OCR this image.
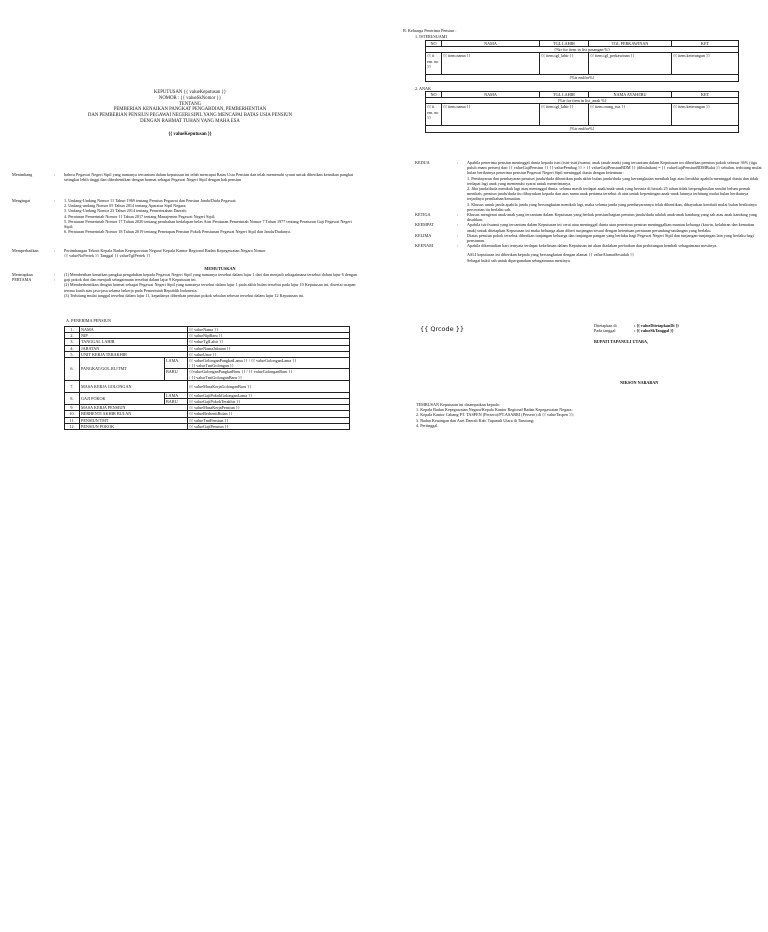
KEPUTUSAN {{ valueKeputusan }}
NOMOR : {{ valueSkNomor }}
TENTANG
PEMBERIAN KENAIKAN PANGKAT PENGABDIAN, PEMBERHENTIAN
DAN PEMBERIAN PENSIUN PEGAWAI NEGERI SIPIL YANG MENCAPAI BATAS USIA PENSIUN
DENGAN RAHMAT TUHAN YANG MAHA ESA
{{ valueKeputusan }}
Menimbang	:	bahwa Pegawai Negeri Sipil yang namanya tercantum dalam keputusan ini telah mencapai Batas Usia Pensiun dan telah memenuhi syarat untuk diberikan kenaikan pangkat setingkat lebih tinggi dan diberhentikan dengan hormat sebagai Pegawai Negeri Sipil dengan hak pensiun
Mengingat	:	1. Undang-Undang Nomor 11 Tahun 1969 tentang Pensiun Pegawai dan Pensiun Janda/Duda Pegawai;
2. Undang-undang Nomor 05 Tahun 2014 tentang Aparatur Sipil Negara;
3. Undang-Undang Nomor 23 Tahun 2014 tentang Pemerintahan Daerah;
4. Peraturan Pemerintah Nomor 11 Tahun 2017 tentang Manajemen Pegawai Negeri Sipil;
5. Peraturan Pemerintah Nomor 17 Tahun 2020 tentang perubahan kedalapan belas Atas Peraturan Pemerintah Nomor 7 Tahun 1977 tentang Peraturan Gaji Pegawai Negeri Sipil;
6. Peraturan Pemerintah Nomor 18 Tahun 2019 tentang Penetapan Pensiun Pokok Pensiunan Pegawai Negeri Sipil dan Janda/Dudanya.
Memperhatikan	:	Pertimbangan Teknis Kepala Badan Kepegawaian Negara/ Kepala Kantor Regional Badan Kepegawaian Negara Nomor
{{ valueNoPertek }} Tanggal {{ valueTglPertek }}
MEMUTUSKAN
Menetapkan
PERTAMA
:
:
(1) Memberikan kenaikan pangkat pengabdian kepada Pegawai Negeri Sipil yang namanya tersebut dalam lajur 1 dari dan menjadi sebagaimana tersebut dalam lajur 6 dengan gaji pokok dari dan menjadi sebagaimana tersebut dalam lajur 9 Keputusan ini.
(2) Memberhentikan dengan hormat sebagai Pegawai Negeri Sipil yang namanya tersebut dalam lajur 1 pada akhir bulan tersebut pada lajur 10 Keputusan ini, disertai ucapan terima kasih atas jasa-jasa selama bekerja pada Pemerintah Republik Indonesia.
(3) Terhitung mulai tanggal tersebut dalam lajur 11, kepadanya diberikan pensiun pokok sebulan sebesar tersebut dalam lajur 12 Keputusan ini.
A. PENERIMA PENSIUN
1.	NAMA		{{ valueNama }}
2.	NIP		{{ valueNipBaru }}
3.	TANGGAL LAHIR		{{ valueTglLahir }}
4.	JABATAN		{{ valueNamaJabatan }}
5.	UNIT KERJA TERAKHIR		{{ valueUnor }}
6.	PANGKAT/GOL.RU/TMT	LAMA	{{ valueGolonganPangkatLama }} / {{ valueGolonganLama }}
/ {{ valueTmtGolongan }}

		BARU	{{valueGolonganPangkatBaru }} / {{ valueGolonganBaru }}
/ {{ valueTmtGolonganBaru }}

7.	MASA KERJA GOLONGAN		{{ valueMasaKerjaGolonganBaru }}
8.	GAJI POKOK	LAMA	{{ valueGajiPokokGolonganLama }}
		BARU	{{ valueGajiPokokTerakhir }}
9.	MASA KERJA PENSIUN		{{ valueMasaKerjaPensiun }}
10.	BERHENTI AKHIR BULAN		{{ valueBerhentiBulan }}
11.	PENSIUN TMT		{{ valueTmtPensiun }}
12.	PENSIUN POKOK		{{ valueGajiPensiun }}
B. Keluarga Penerima Pensiun :
1. ISTERI/SUAMI
NO	NAMA	TGL LAHIR	TGL PERKAWINAN	KET
{%tr for item in list pasangan %}				
{{ it em. no }}	{{ item.nama }}	{{ item.tgl_lahir }}	{{ item.tgl_perkawinan }}	{{ item.keterangan }}
{%tr endfor%}				
2. ANAK
NO	NAMA	TGL LAHIR	NAMA AYAH/IBU	KET
{%tr for item in list_anak %}				
{{ it em. no }}	{{ item.nama }}	{{ item.tgl_lahir }}	{{ item.orang_tua }}	{{ item.keterangan }}
{%tr endfor%}				
KEDUA	:	Apabila penerima pensiun meninggal dunia kepada istri (istri-istri)/suami, anak (anak-anak) yang tercantum dalam Keputusan ini diberikan pensiun pokok sebesar 36% (tiga puluh enam persen) dari {{ valueGajiPensiun }} {{ valuePembag }} × {{ valueGajiPensiunBDM }} (dibulatkan) = {{ valueGajiPensiunBDMBulat }} sebulan, terhitung mulai bulan berikutnya penerima pensiun Pegawai Negeri Sipil meninggal dunia dengan ketentuan :
1. Pembayaran dan pembayaran pensiun janda/duda dihentikan pada akhir bulan janda/duda yang bersangkutan menikah lagi atau berakhir apabila meninggal dunia dan tidak terdapat lagi anak yang memenuhi syarat untuk menerimanya.
2. Jika janda/duda menikah lagi atau meninggal dunia, selama masih terdapat anak/anak-anak yang berusia di bawah 25 tahun tidak berpenghasilan sendiri belum pernah menikah, pensiun janda/duda itu dibayarkan kepada dan atas nama anak pertama tersebut di atas untuk kepentingan anak-anak lainnya terhitung mulai bulan berikutnya terjadinya pernikahan/kematian.
3. Khusus untuk janda apabila janda yang bersangkutan menikah lagi, maka selama janda yang pembayarannya telah dihentikan, dibayarkan kembali mulai bulan berikutnya perceraian itu berlaku sah.
KETIGA	:	Khusus mengenai anak-anak yang tercantum dalam Keputusan yang berhak pensiun/bagian pensiun janda/duda adalah anak-anak kandung yang sah atau anak kandung yang disahkan.
KEEMPAT	:	Apabila istri/suami yang tercantum dalam Keputusan ini cerai atau meninggal dunia atau penerima pensiun meninggalkan mantan keluarga (kawin, kelahiran dan kematian anak) untuk ditetapkan Keputusan ini maka keluarga akan diberi tunjangan sesuai dengan ketentuan peraturan perundang-undangan yang berlaku.
KELIMA	:	Diatas pensiun pokok tersebut diberikan tunjangan keluarga dan tunjangan pangan yang berlaku bagi Pegawai Negeri Sipil dan tunjangan-tunjangan lain yang berlaku bagi pensiunan.
KEENAM	:	Apabila dikemudian hari ternyata terdapat kekeliruan dalam Keputusan ini akan diadakan perbaikan dan perhitungan kembali sebagaimana mestinya.
ASLI keputusan ini diberikan kepada yang bersangkutan dengan alamat {{ valueAlamatSesudah }}
Sebagai bukti sah untuk dipergunakan sebagaimana mestinya.
{{ Qrcode }}	Ditetapkan di	: {{ valueDitetapkanDi }}
Pada tanggal	: {{ valueSkTanggal }}
BUPATI TAPANULI UTARA,
NIKSON NABABAN
TEMBUSAN Keputusan ini disampaikan kepada:
1. Kepala Badan Kepegawaian Negara/Kepala Kantor Regional Badan Kepegawaian Negara;
2. Kepala Kantor Cabang PT. TASPEN (Persero)/PT.ASABRI (Persero) di {{ valueTaspen }};
3. Badan Keuangan dan Aset Daerah Kab. Tapanuli Utara di Tarutung;
4. Pertinggal.
